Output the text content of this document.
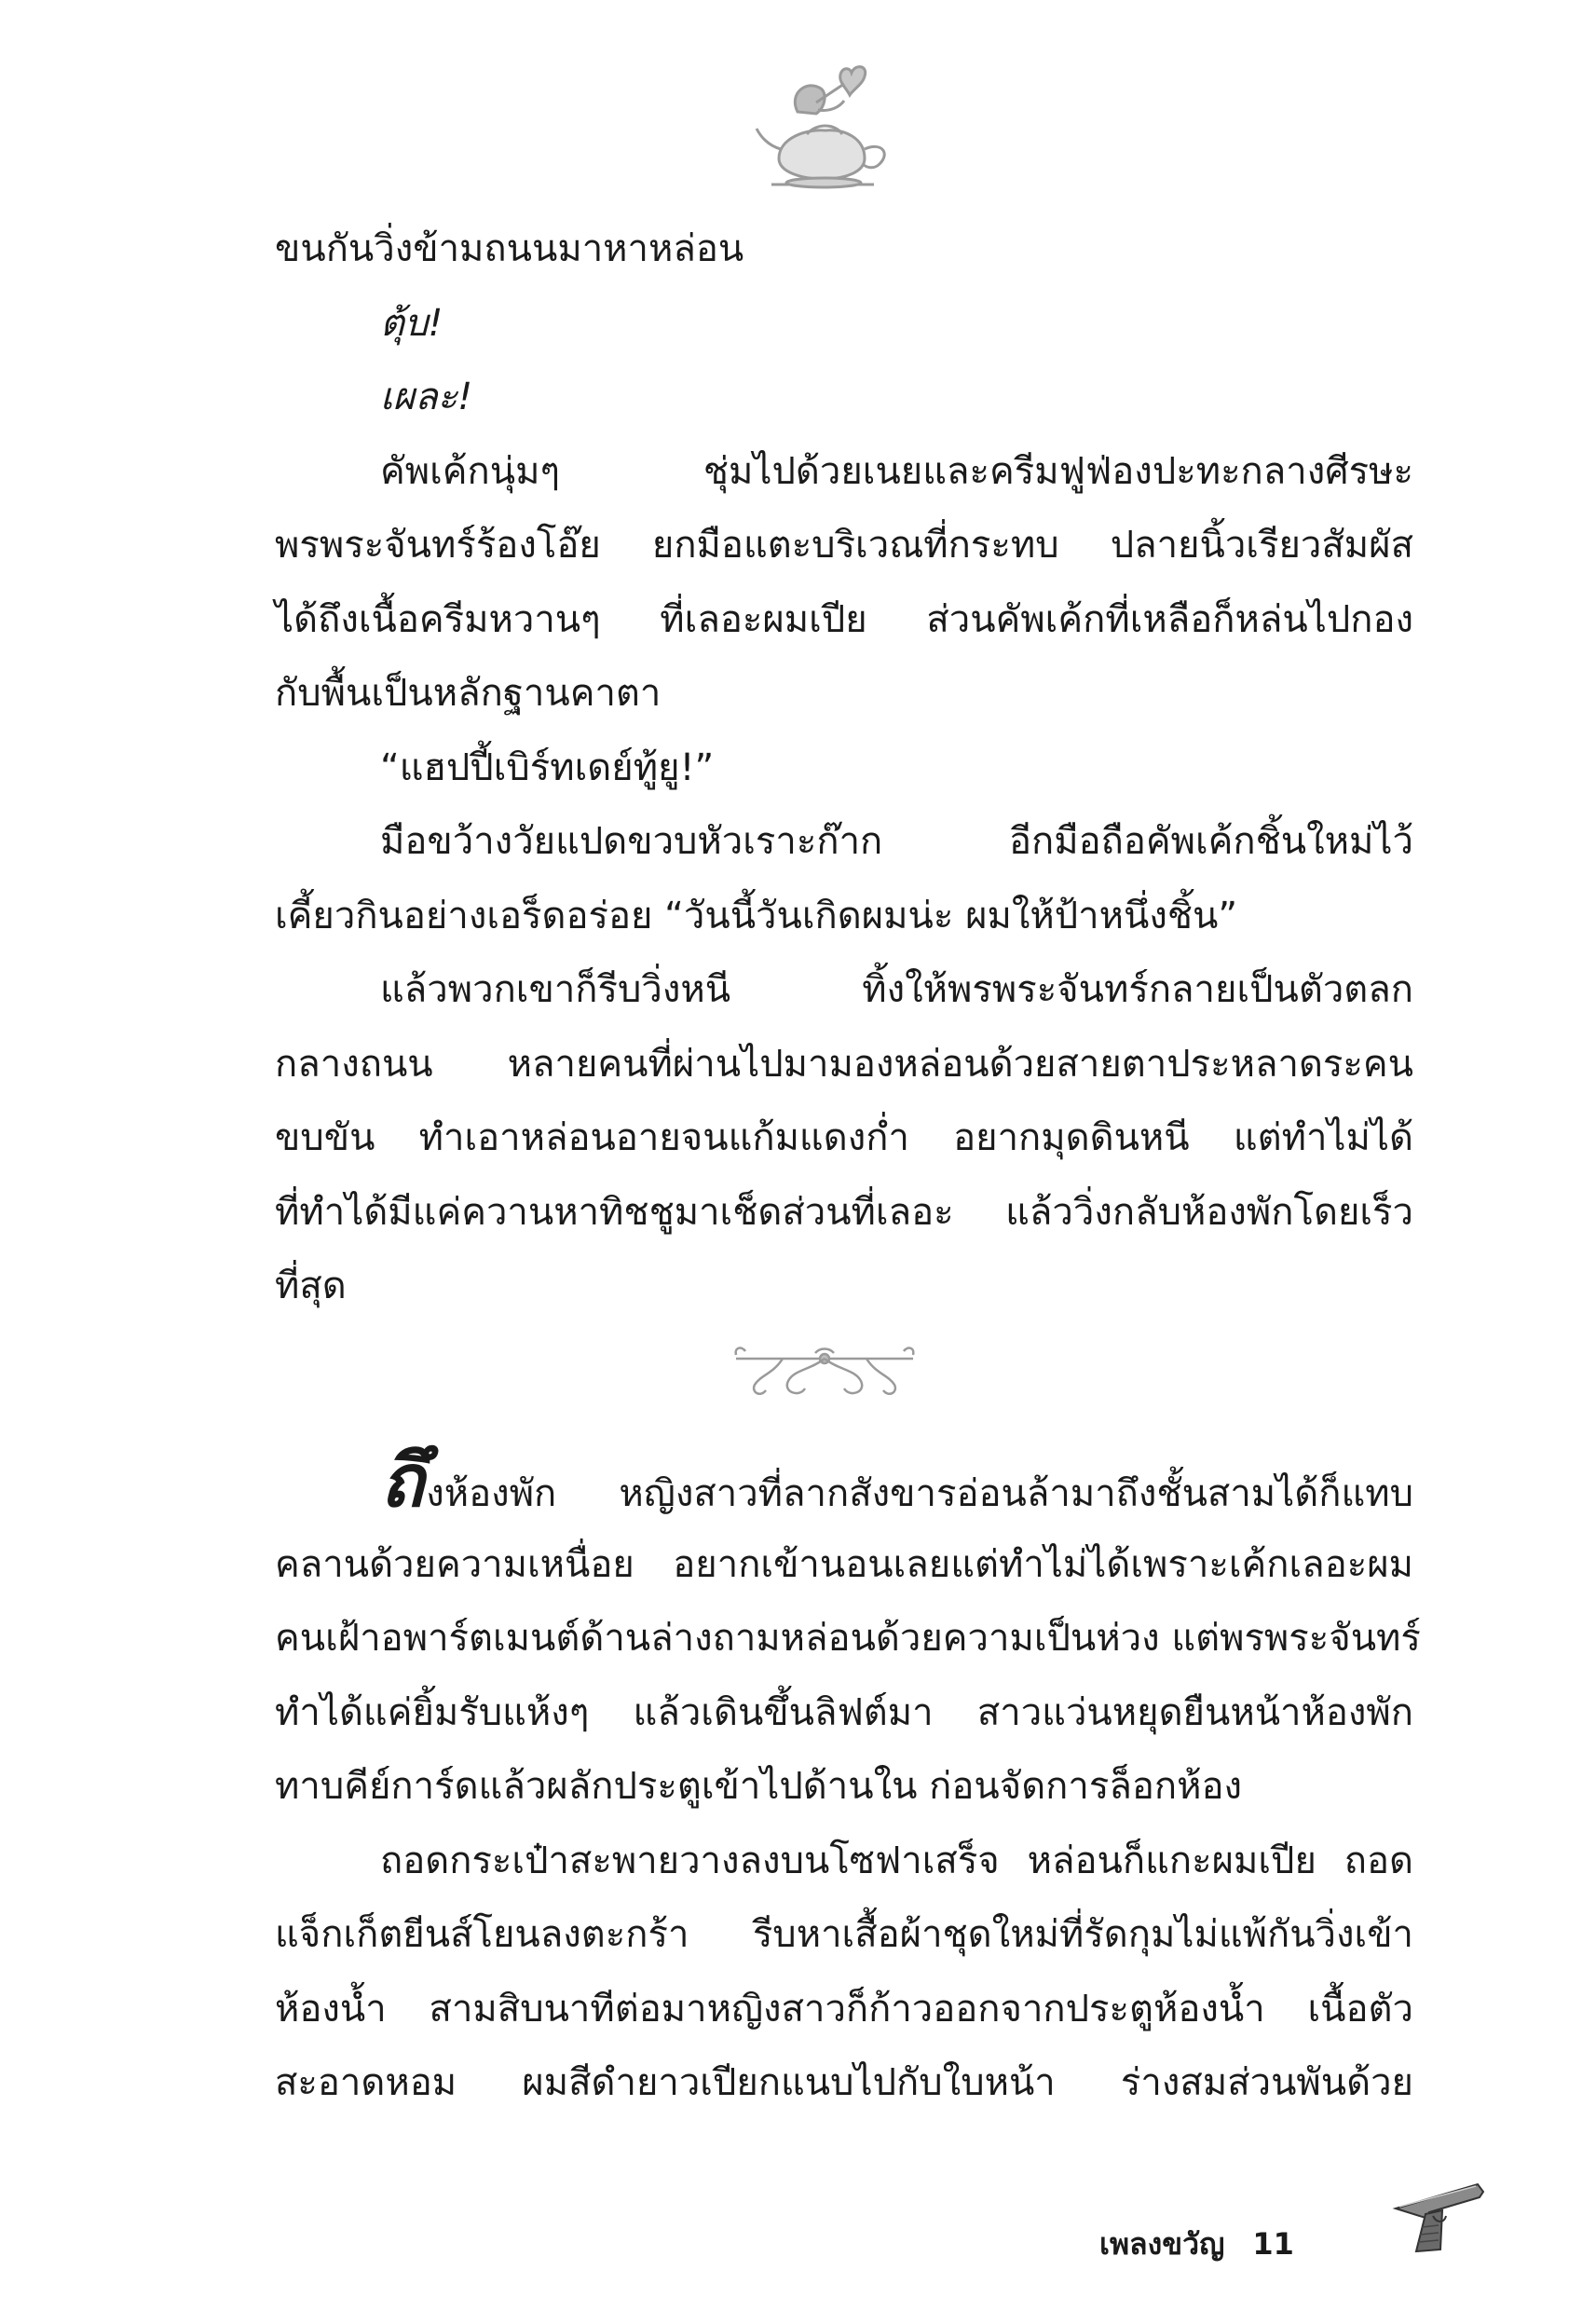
ขนกันวิ่งข้ามถนนมาหาหล่อน
ตุ้บ!
เผละ!
คัพเค้กนุ่มๆ ชุ่มไปด้วยเนยและครีมฟูฟ่องปะทะกลางศีรษะ
พรพระจันทร์ร้องโอ๊ย ยกมือแตะบริเวณที่กระทบ ปลายนิ้วเรียวสัมผัส
ได้ถึงเนื้อครีมหวานๆ ที่เลอะผมเปีย ส่วนคัพเค้กที่เหลือก็หล่นไปกอง
กับพื้นเป็นหลักฐานคาตา
“แฮปปี้เบิร์ทเดย์ทู้ยู!”
มือขว้างวัยแปดขวบหัวเราะก๊าก อีกมือถือคัพเค้กชิ้นใหม่ไว้
เคี้ยวกินอย่างเอร็ดอร่อย “วันนี้วันเกิดผมน่ะ ผมให้ป้าหนึ่งชิ้น”
แล้วพวกเขาก็รีบวิ่งหนี ทิ้งให้พรพระจันทร์กลายเป็นตัวตลก
กลางถนน หลายคนที่ผ่านไปมามองหล่อนด้วยสายตาประหลาดระคน
ขบขัน ทำเอาหล่อนอายจนแก้มแดงก่ำ อยากมุดดินหนี แต่ทำไม่ได้
ที่ทำได้มีแค่ควานหาทิชชูมาเช็ดส่วนที่เลอะ แล้ววิ่งกลับห้องพักโดยเร็ว
ที่สุด
ถึงห้องพัก หญิงสาวที่ลากสังขารอ่อนล้ามาถึงชั้นสามได้ก็แทบ
คลานด้วยความเหนื่อย อยากเข้านอนเลยแต่ทำไม่ได้เพราะเค้กเลอะผม
คนเฝ้าอพาร์ตเมนต์ด้านล่างถามหล่อนด้วยความเป็นห่วง แต่พรพระจันทร์
ทำได้แค่ยิ้มรับแห้งๆ แล้วเดินขึ้นลิฟต์มา สาวแว่นหยุดยืนหน้าห้องพัก
ทาบคีย์การ์ดแล้วผลักประตูเข้าไปด้านใน ก่อนจัดการล็อกห้อง
ถอดกระเป๋าสะพายวางลงบนโซฟาเสร็จ หล่อนก็แกะผมเปีย ถอด
แจ็กเก็ตยีนส์โยนลงตะกร้า รีบหาเสื้อผ้าชุดใหม่ที่รัดกุมไม่แพ้กันวิ่งเข้า
ห้องน้ำ สามสิบนาทีต่อมาหญิงสาวก็ก้าวออกจากประตูห้องน้ำ เนื้อตัว
สะอาดหอม ผมสีดำยาวเปียกแนบไปกับใบหน้า ร่างสมส่วนพันด้วย
เพลงขวัญ 11
